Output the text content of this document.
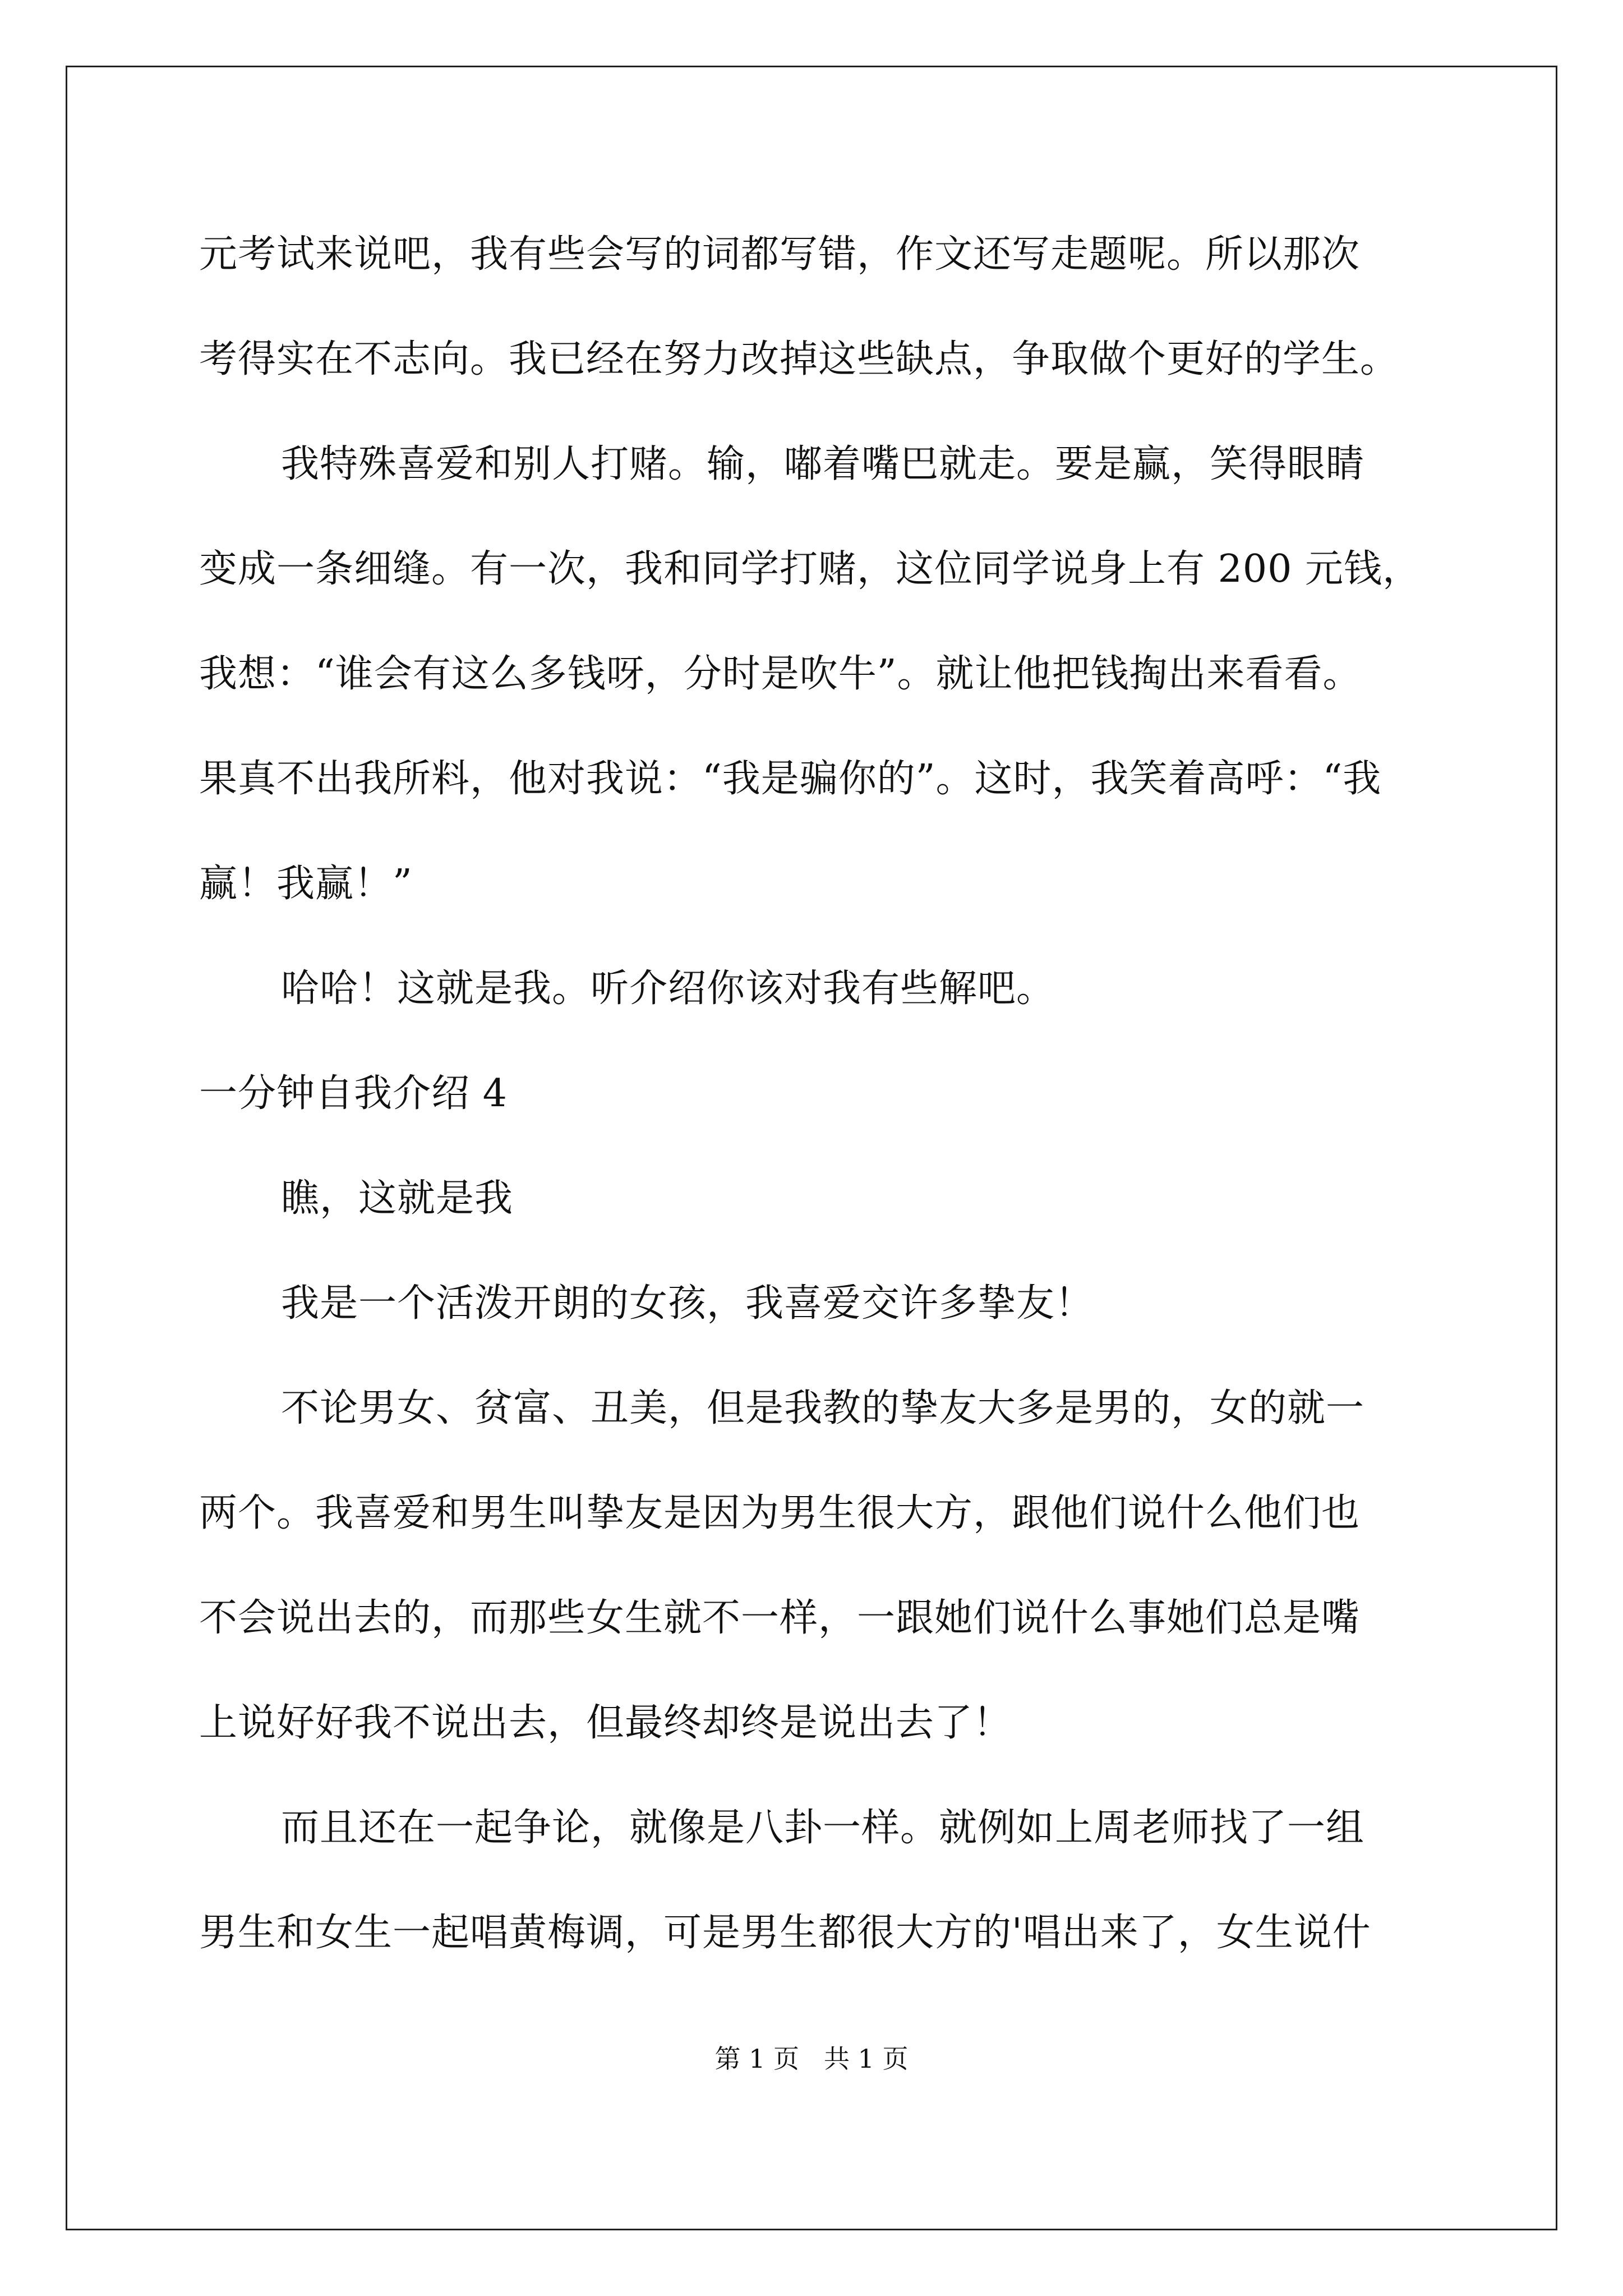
元考试来说吧，我有些会写的词都写错，作文还写走题呢。所以那次
考得实在不志向。我已经在努力改掉这些缺点，争取做个更好的学生。
我特殊喜爱和别人打赌。输，嘟着嘴巴就走。要是赢，笑得眼睛
变成一条细缝。有一次，我和同学打赌，这位同学说身上有 200 元钱，
我想：“谁会有这么多钱呀，分时是吹牛”。就让他把钱掏出来看看。
果真不出我所料，他对我说：“我是骗你的”。这时，我笑着高呼：“我
赢！我赢！”
哈哈！这就是我。听介绍你该对我有些解吧。
一分钟自我介绍 4
瞧，这就是我
我是一个活泼开朗的女孩，我喜爱交许多挚友！
不论男女、贫富、丑美，但是我教的挚友大多是男的，女的就一
两个。我喜爱和男生叫挚友是因为男生很大方，跟他们说什么他们也
不会说出去的，而那些女生就不一样，一跟她们说什么事她们总是嘴
上说好好我不说出去，但最终却终是说出去了！
而且还在一起争论，就像是八卦一样。就例如上周老师找了一组
男生和女生一起唱黄梅调，可是男生都很大方的'唱出来了，女生说什
第 1 页 共 1 页
